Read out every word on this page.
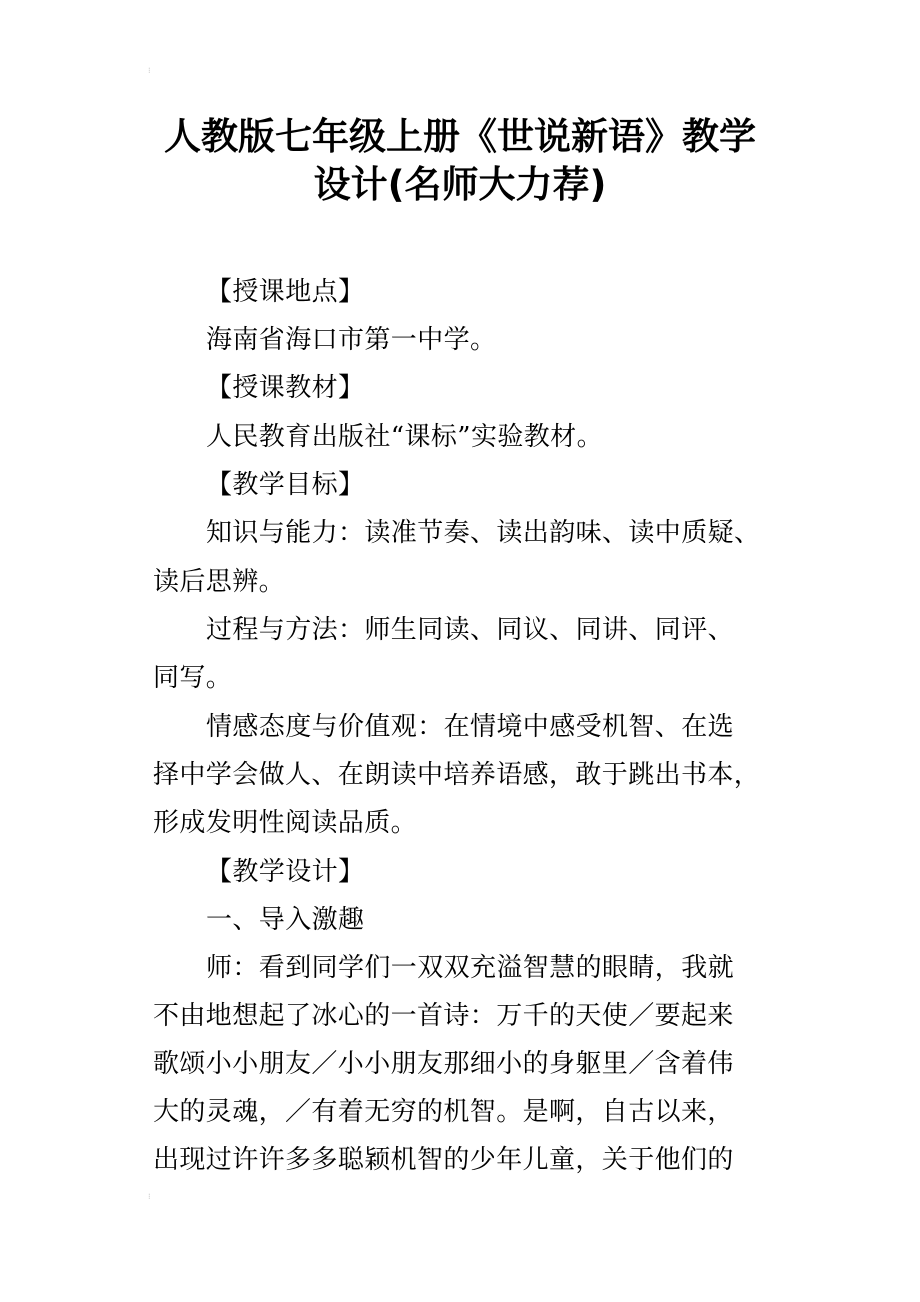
⁝
人教版七年级上册《世说新语》教学
设计(名师大力荐)
【授课地点】
海南省海口市第一中学。
【授课教材】
人民教育出版社“课标”实验教材。
【教学目标】
知识与能力：读准节奏、读出韵味、读中质疑、
读后思辨。
过程与方法：师生同读、同议、同讲、同评、
同写。
情感态度与价值观：在情境中感受机智、在选
择中学会做人、在朗读中培养语感，敢于跳出书本，
形成发明性阅读品质。
【教学设计】
一、导入激趣
师：看到同学们一双双充溢智慧的眼睛，我就
不由地想起了冰心的一首诗：万千的天使／要起来
歌颂小小朋友／小小朋友那细小的身躯里／含着伟
大的灵魂，／有着无穷的机智。是啊，自古以来，
出现过许许多多聪颖机智的少年儿童，关于他们的
⁝
